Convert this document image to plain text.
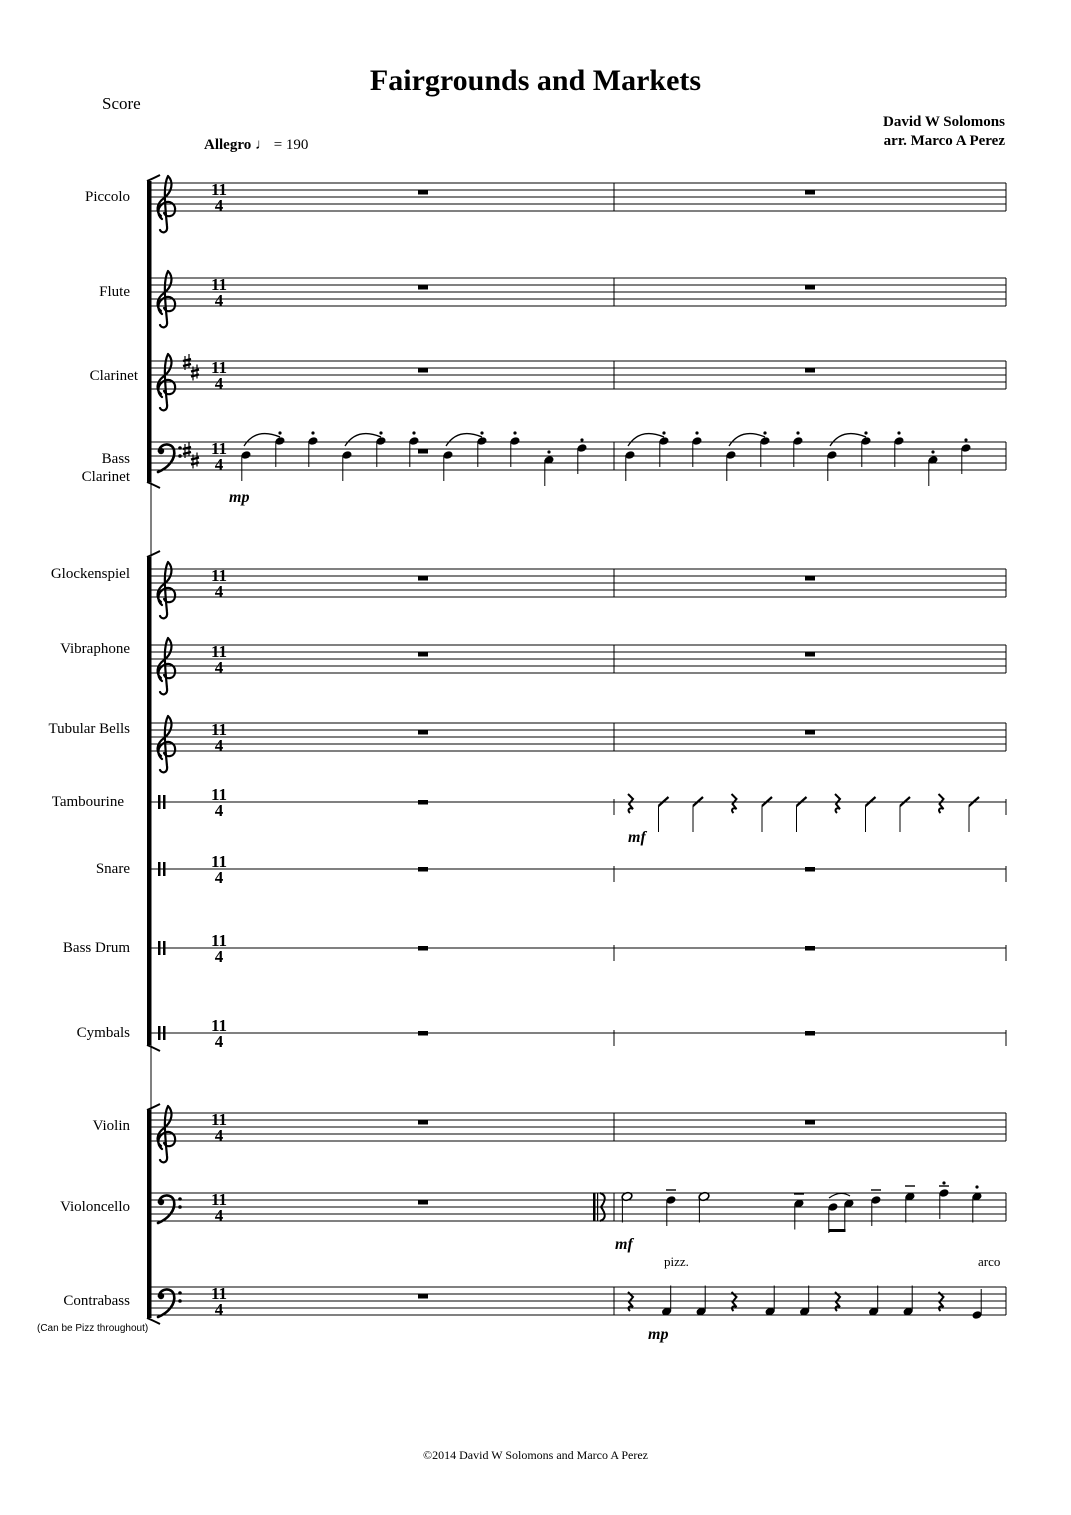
Fairgrounds and Markets
Score
David W Solomons
arr. Marco A Perez
Allegro ♩ = 190
Piccolo
Flute
Clarinet
Bass
Clarinet
Glockenspiel
Vibraphone
Tubular Bells
Tambourine
Snare
Bass Drum
Cymbals
Violin
Violoncello
Contrabass
(Can be Pizz throughout)
©2014 David W Solomons and Marco A Perez
11
4
11
4
11
4
11
4
11
4
11
4
11
4
11
4
11
4
11
4
11
4
11
4
11
4
11
4
mp
mf
mf
pizz.	arco
mp
